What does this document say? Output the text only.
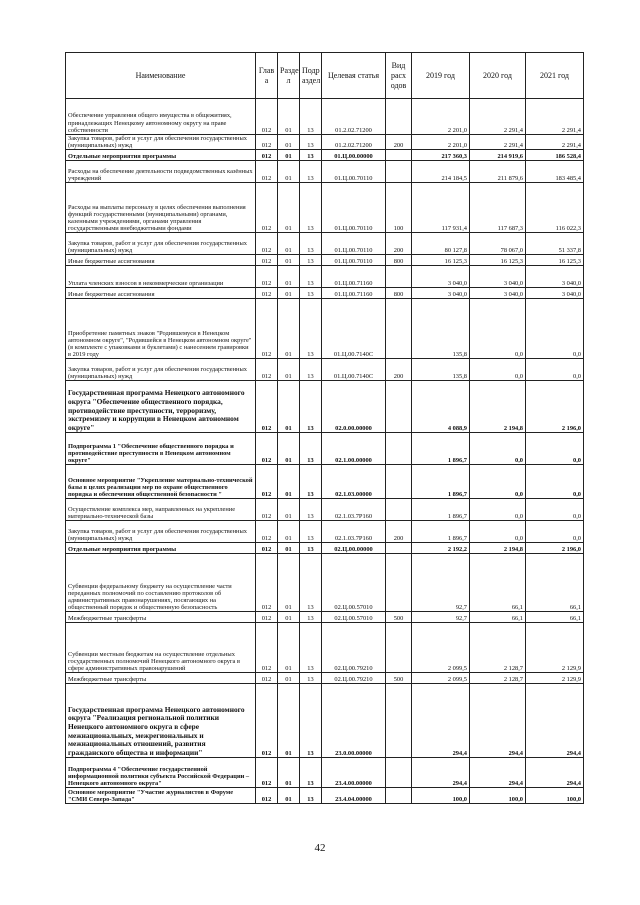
Наименование	Глав а	Разде л	Подр аздел	Целевая статья	Вид расх одов	2019 год	2020 год	2021 год
Обеспечение управления общего имущества в общежитиях, принадлежащих Ненецкому автономному округу на праве собственности	012	01	13	01.2.02.71200		2 201,0	2 291,4	2 291,4
Закупка товаров, работ и услуг для обеспечения государственных (муниципальных) нужд	012	01	13	01.2.02.71200	200	2 201,0	2 291,4	2 291,4
Отдельные мероприятия программы	012	01	13	01.Ц.00.00000		217 360,3	214 919,6	186 528,4
Расходы на обеспечение деятельности подведомственных казённых учреждений	012	01	13	01.Ц.00.70110		214 184,5	211 879,6	183 485,4
Расходы на выплаты персоналу в целях обеспечения выполнения функций государственными (муниципальными) органами, казенными учреждениями, органами управления государственными внебюджетными фондами	012	01	13	01.Ц.00.70110	100	117 931,4	117 687,3	116 022,3
Закупка товаров, работ и услуг для обеспечения государственных (муниципальных) нужд	012	01	13	01.Ц.00.70110	200	80 127,8	78 067,0	51 337,8
Иные бюджетные ассигнования	012	01	13	01.Ц.00.70110	800	16 125,3	16 125,3	16 125,3
Уплата членских взносов в некоммерческие организации	012	01	13	01.Ц.00.71160		3 040,0	3 040,0	3 040,0
Иные бюджетные ассигнования	012	01	13	01.Ц.00.71160	800	3 040,0	3 040,0	3 040,0
Приобретение памятных знаков "Родившемуся в Ненецком автономном округе", "Родившейся в Ненецком автономном округе" (в комплекте с упаковками и буклетами) с нанесением гравировки в 2019 году	012	01	13	01.Ц.00.7140С		135,8	0,0	0,0
Закупка товаров, работ и услуг для обеспечения государственных (муниципальных) нужд	012	01	13	01.Ц.00.7140С	200	135,8	0,0	0,0
Государственная программа Ненецкого автономного округа "Обеспечение общественного порядка, противодействие преступности, терроризму, экстремизму и коррупции в Ненецком автономном округе"	012	01	13	02.0.00.00000		4 088,9	2 194,8	2 196,0
Подпрограмма 1 "Обеспечение общественного порядка и противодействие преступности в Ненецком автономном округе"	012	01	13	02.1.00.00000		1 896,7	0,0	0,0
Основное мероприятие "Укрепление материально-технической базы в целях реализации мер по охране общественного порядка и обеспечения общественной безопасности "	012	01	13	02.1.03.00000		1 896,7	0,0	0,0
Осуществление комплекса мер, направленных на укрепление материально-технической базы	012	01	13	02.1.03.7Р160		1 896,7	0,0	0,0
Закупка товаров, работ и услуг для обеспечения государственных (муниципальных) нужд	012	01	13	02.1.03.7Р160	200	1 896,7	0,0	0,0
Отдельные мероприятия программы	012	01	13	02.Ц.00.00000		2 192,2	2 194,8	2 196,0
Субвенции федеральному бюджету на осуществление части переданных полномочий по составлению протоколов об административных правонарушениях, посягающих на общественный порядок и общественную безопасность	012	01	13	02.Ц.00.57010		92,7	66,1	66,1
Межбюджетные трансферты	012	01	13	02.Ц.00.57010	500	92,7	66,1	66,1
Субвенции местным бюджетам на осуществление отдельных государственных полномочий Ненецкого автономного округа в сфере административных правонарушений	012	01	13	02.Ц.00.79210		2 099,5	2 128,7	2 129,9
Межбюджетные трансферты	012	01	13	02.Ц.00.79210	500	2 099,5	2 128,7	2 129,9
Государственная программа Ненецкого автономного округа "Реализация региональной политики Ненецкого автономного округа в сфере межнациональных, межрегиональных и межнациональных отношений, развития гражданского общества и информации"	012	01	13	23.0.00.00000		294,4	294,4	294,4
Подпрограмма 4 "Обеспечение государственной информационной политики субъекта Российской Федерации – Ненецкого автономного округа"	012	01	13	23.4.00.00000		294,4	294,4	294,4
Основное мероприятие "Участие журналистов в Форуме "СМИ Северо-Запада"	012	01	13	23.4.04.00000		100,0	100,0	100,0
42
